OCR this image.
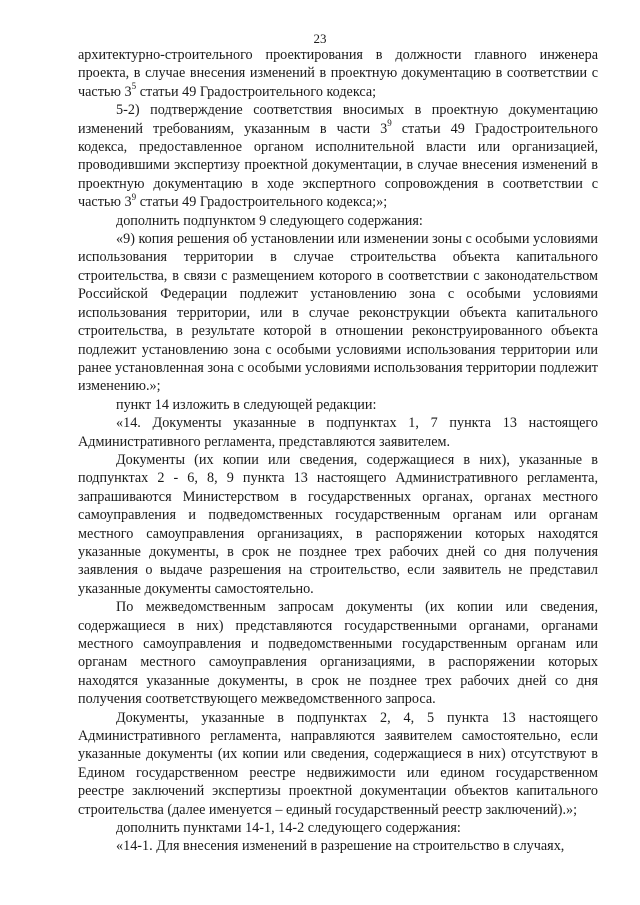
23

архитектурно-строительного проектирования в должности главного инженера проекта, в случае внесения изменений в проектную документацию в соответствии с частью $3^5$ статьи 49 Градостроительного кодекса;

5-2) подтверждение соответствия вносимых в проектную документацию изменений требованиям, указанным в части $3^9$ статьи 49 Градостроительного кодекса, предоставленное органом исполнительной власти или организацией, проводившими экспертизу проектной документации, в случае внесения изменений в проектную документацию в ходе экспертного сопровождения в соответствии с частью $3^9$ статьи 49 Градостроительного кодекса;»;

дополнить подпунктом 9 следующего содержания:

«9) копия решения об установлении или изменении зоны с особыми условиями использования территории в случае строительства объекта капитального строительства, в связи с размещением которого в соответствии с законодательством Российской Федерации подлежит установлению зона с особыми условиями использования территории, или в случае реконструкции объекта капитального строительства, в результате которой в отношении реконструированного объекта подлежит установлению зона с особыми условиями использования территории или ранее установленная зона с особыми условиями использования территории подлежит изменению.»;

пункт 14 изложить в следующей редакции:

«14. Документы указанные в подпунктах 1, 7 пункта 13 настоящего Административного регламента, представляются заявителем.

Документы (их копии или сведения, содержащиеся в них), указанные в подпунктах 2 - 6, 8, 9 пункта 13 настоящего Административного регламента, запрашиваются Министерством в государственных органах, органах местного самоуправления и подведомственных государственным органам или органам местного самоуправления организациях, в распоряжении которых находятся указанные документы, в срок не позднее трех рабочих дней со дня получения заявления о выдаче разрешения на строительство, если заявитель не представил указанные документы самостоятельно.

По межведомственным запросам документы (их копии или сведения, содержащиеся в них) представляются государственными органами, органами местного самоуправления и подведомственными государственным органам или органам местного самоуправления организациями, в распоряжении которых находятся указанные документы, в срок не позднее трех рабочих дней со дня получения соответствующего межведомственного запроса.

Документы, указанные в подпунктах 2, 4, 5 пункта 13 настоящего Административного регламента, направляются заявителем самостоятельно, если указанные документы (их копии или сведения, содержащиеся в них) отсутствуют в Едином государственном реестре недвижимости или едином государственном реестре заключений экспертизы проектной документации объектов капитального строительства (далее именуется – единый государственный реестр заключений).»;

дополнить пунктами 14-1, 14-2 следующего содержания:

«14-1. Для внесения изменений в разрешение на строительство в случаях,
